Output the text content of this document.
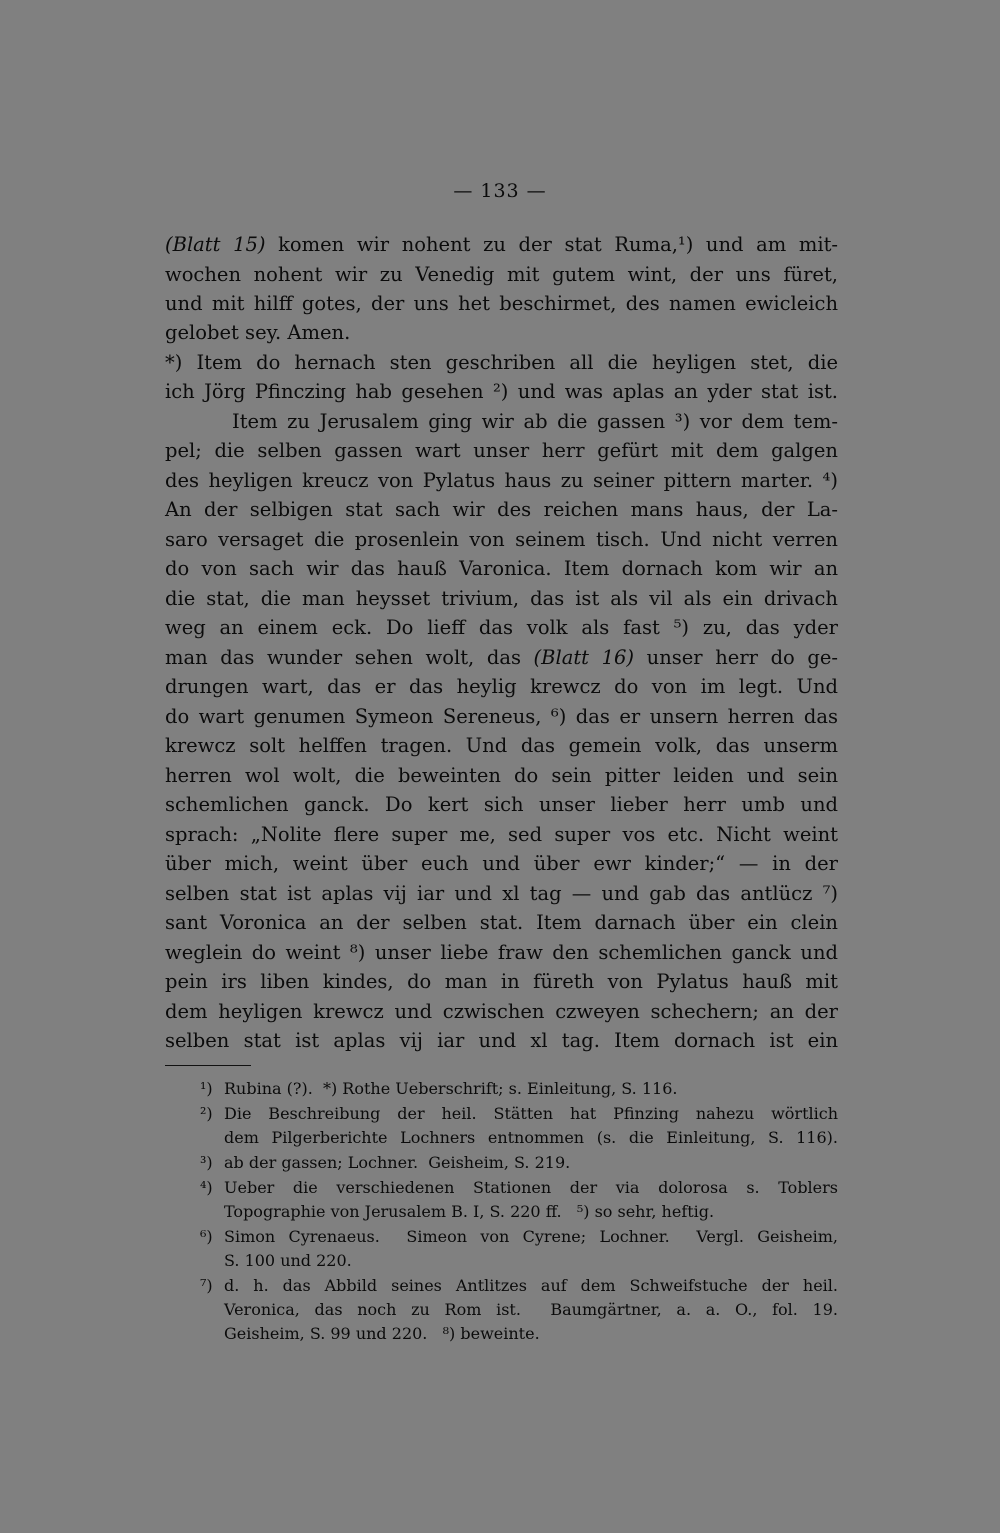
— 133 —
(Blatt 15) komen wir nohent zu der stat Ruma,¹) und am mit-
wochen nohent wir zu Venedig mit gutem wint, der uns füret,
und mit hilff gotes, der uns het beschirmet, des namen ewicleich
gelobet sey. Amen.
*) Item do hernach sten geschriben all die heyligen stet, die
ich Jörg Pfinczing hab gesehen ²) und was aplas an yder stat ist.
Item zu Jerusalem ging wir ab die gassen ³) vor dem tem-
pel; die selben gassen wart unser herr gefürt mit dem galgen
des heyligen kreucz von Pylatus haus zu seiner pittern marter. ⁴)
An der selbigen stat sach wir des reichen mans haus, der La-
saro versaget die prosenlein von seinem tisch. Und nicht verren
do von sach wir das hauß Varonica. Item dornach kom wir an
die stat, die man heysset trivium, das ist als vil als ein drivach
weg an einem eck. Do lieff das volk als fast ⁵) zu, das yder
man das wunder sehen wolt, das (Blatt 16) unser herr do ge-
drungen wart, das er das heylig krewcz do von im legt. Und
do wart genumen Symeon Sereneus, ⁶) das er unsern herren das
krewcz solt helffen tragen. Und das gemein volk, das unserm
herren wol wolt, die beweinten do sein pitter leiden und sein
schemlichen ganck. Do kert sich unser lieber herr umb und
sprach: „Nolite flere super me, sed super vos etc. Nicht weint
über mich, weint über euch und über ewr kinder;“ — in der
selben stat ist aplas vij iar und xl tag — und gab das antlücz ⁷)
sant Voronica an der selben stat. Item darnach über ein clein
weglein do weint ⁸) unser liebe fraw den schemlichen ganck und
pein irs liben kindes, do man in füreth von Pylatus hauß mit
dem heyligen krewcz und czwischen czweyen schechern; an der
selben stat ist aplas vij iar und xl tag. Item dornach ist ein
¹) Rubina (?).  *) Rothe Ueberschrift; s. Einleitung, S. 116.
²) Die Beschreibung der heil. Stätten hat Pfinzing nahezu wörtlich
dem Pilgerberichte Lochners entnommen (s. die Einleitung, S. 116).
³) ab der gassen; Lochner.  Geisheim, S. 219.
⁴) Ueber die verschiedenen Stationen der via dolorosa s. Toblers
Topographie von Jerusalem B. I, S. 220 ff.   ⁵) so sehr, heftig.
⁶) Simon Cyrenaeus.  Simeon von Cyrene; Lochner.  Vergl. Geisheim,
S. 100 und 220.
⁷) d. h. das Abbild seines Antlitzes auf dem Schweifstuche der heil.
Veronica, das noch zu Rom ist.  Baumgärtner, a. a. O., fol. 19.
Geisheim, S. 99 und 220.   ⁸) beweinte.
